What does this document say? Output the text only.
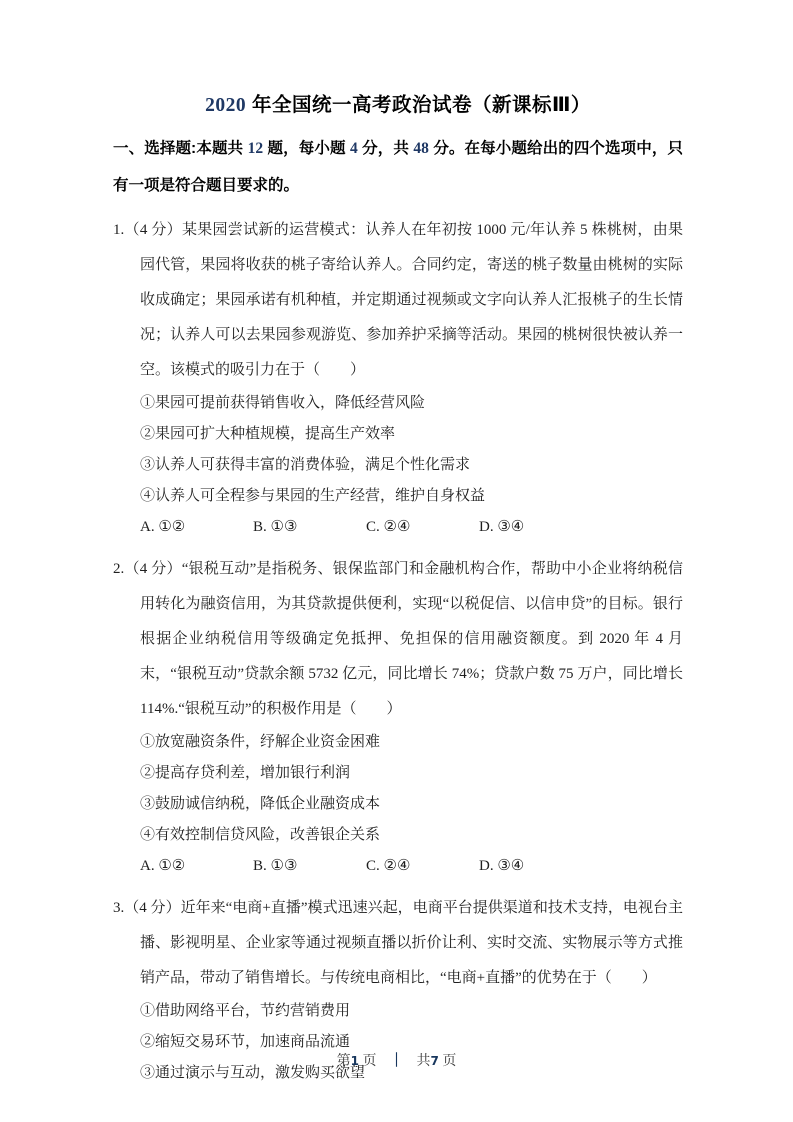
2020 年全国统一高考政治试卷（新课标Ⅲ）
一、选择题:本题共 12 题，每小题 4 分，共 48 分。在每小题给出的四个选项中，只有一项是符合题目要求的。
1.（4 分）某果园尝试新的运营模式：认养人在年初按 1000 元/年认养 5 株桃树，由果园代管，果园将收获的桃子寄给认养人。合同约定，寄送的桃子数量由桃树的实际收成确定；果园承诺有机种植，并定期通过视频或文字向认养人汇报桃子的生长情况；认养人可以去果园参观游览、参加养护采摘等活动。果园的桃树很快被认养一空。该模式的吸引力在于（　　）
①果园可提前获得销售收入，降低经营风险
②果园可扩大种植规模，提高生产效率
③认养人可获得丰富的消费体验，满足个性化需求
④认养人可全程参与果园的生产经营，维护自身权益
A. ①②	B. ①③	C. ②④	D. ③④
2.（4 分）“银税互动”是指税务、银保监部门和金融机构合作，帮助中小企业将纳税信用转化为融资信用，为其贷款提供便利，实现“以税促信、以信申贷”的目标。银行根据企业纳税信用等级确定免抵押、免担保的信用融资额度。到 2020 年 4 月末，“银税互动”贷款余额 5732 亿元，同比增长 74%；贷款户数 75 万户，同比增长 114%.“银税互动”的积极作用是（　　）
①放宽融资条件，纾解企业资金困难
②提高存贷利差，增加银行利润
③鼓励诚信纳税，降低企业融资成本
④有效控制信贷风险，改善银企关系
A. ①②	B. ①③	C. ②④	D. ③④
3.（4 分）近年来“电商+直播”模式迅速兴起，电商平台提供渠道和技术支持，电视台主播、影视明星、企业家等通过视频直播以折价让利、实时交流、实物展示等方式推销产品，带动了销售增长。与传统电商相比，“电商+直播”的优势在于（　　）
①借助网络平台，节约营销费用
②缩短交易环节，加速商品流通
③通过演示与互动，激发购买欲望
第1 页 ｜ 共7 页
